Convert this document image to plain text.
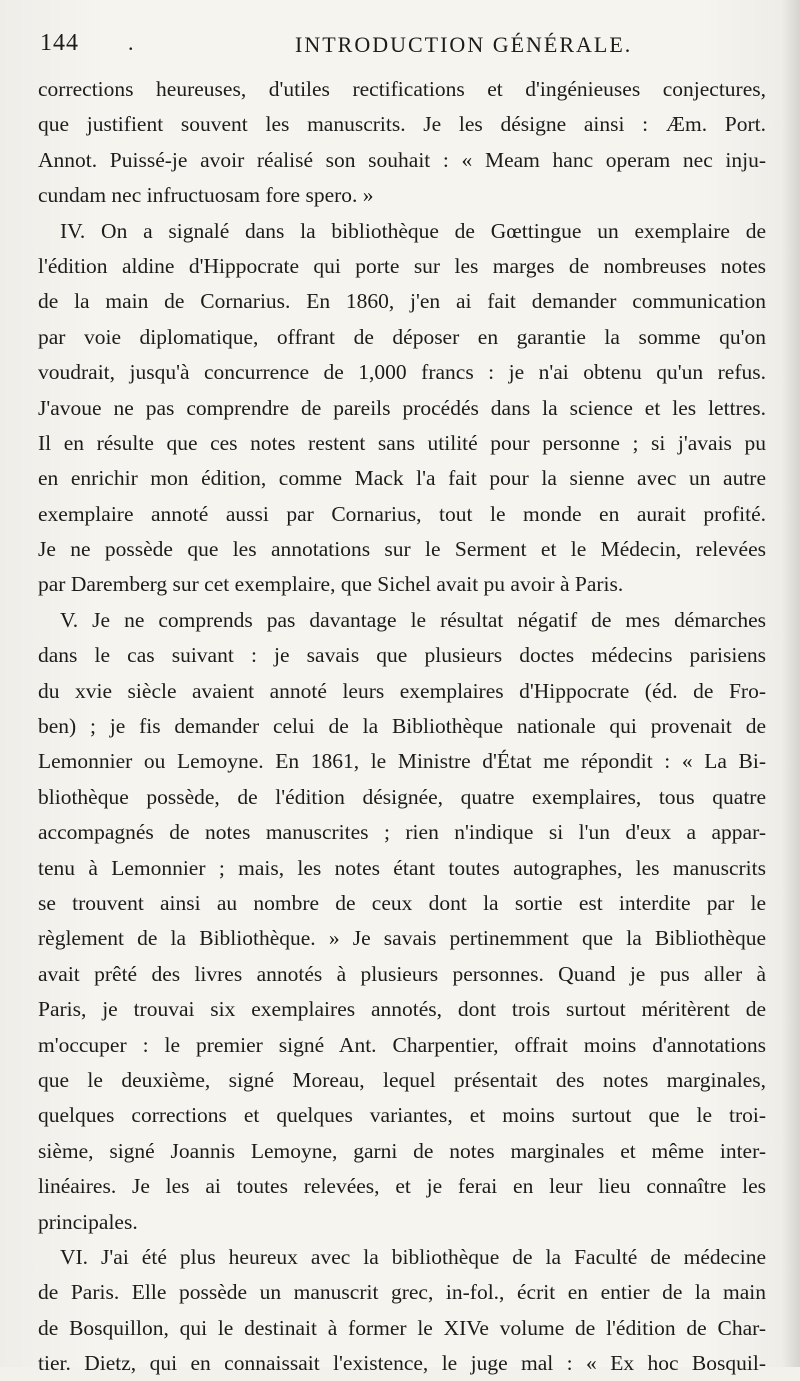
144 .	INTRODUCTION GÉNÉRALE.
corrections heureuses, d'utiles rectifications et d'ingénieuses conjectures,
que justifient souvent les manuscrits. Je les désigne ainsi : Æm. Port.
Annot. Puissé-je avoir réalisé son souhait : « Meam hanc operam nec inju-
cundam nec infructuosam fore spero. »
IV. On a signalé dans la bibliothèque de Gœttingue un exemplaire de
l'édition aldine d'Hippocrate qui porte sur les marges de nombreuses notes
de la main de Cornarius. En 1860, j'en ai fait demander communication
par voie diplomatique, offrant de déposer en garantie la somme qu'on
voudrait, jusqu'à concurrence de 1,000 francs : je n'ai obtenu qu'un refus.
J'avoue ne pas comprendre de pareils procédés dans la science et les lettres.
Il en résulte que ces notes restent sans utilité pour personne ; si j'avais pu
en enrichir mon édition, comme Mack l'a fait pour la sienne avec un autre
exemplaire annoté aussi par Cornarius, tout le monde en aurait profité.
Je ne possède que les annotations sur le Serment et le Médecin, relevées
par Daremberg sur cet exemplaire, que Sichel avait pu avoir à Paris.
V. Je ne comprends pas davantage le résultat négatif de mes démarches
dans le cas suivant : je savais que plusieurs doctes médecins parisiens
du xvie siècle avaient annoté leurs exemplaires d'Hippocrate (éd. de Fro-
ben) ; je fis demander celui de la Bibliothèque nationale qui provenait de
Lemonnier ou Lemoyne. En 1861, le Ministre d'État me répondit : « La Bi-
bliothèque possède, de l'édition désignée, quatre exemplaires, tous quatre
accompagnés de notes manuscrites ; rien n'indique si l'un d'eux a appar-
tenu à Lemonnier ; mais, les notes étant toutes autographes, les manuscrits
se trouvent ainsi au nombre de ceux dont la sortie est interdite par le
règlement de la Bibliothèque. » Je savais pertinemment que la Bibliothèque
avait prêté des livres annotés à plusieurs personnes. Quand je pus aller à
Paris, je trouvai six exemplaires annotés, dont trois surtout méritèrent de
m'occuper : le premier signé Ant. Charpentier, offrait moins d'annotations
que le deuxième, signé Moreau, lequel présentait des notes marginales,
quelques corrections et quelques variantes, et moins surtout que le troi-
sième, signé Joannis Lemoyne, garni de notes marginales et même inter-
linéaires. Je les ai toutes relevées, et je ferai en leur lieu connaître les
principales.
VI. J'ai été plus heureux avec la bibliothèque de la Faculté de médecine
de Paris. Elle possède un manuscrit grec, in-fol., écrit en entier de la main
de Bosquillon, qui le destinait à former le XIVe volume de l'édition de Char-
tier. Dietz, qui en connaissait l'existence, le juge mal : « Ex hoc Bosquil-
